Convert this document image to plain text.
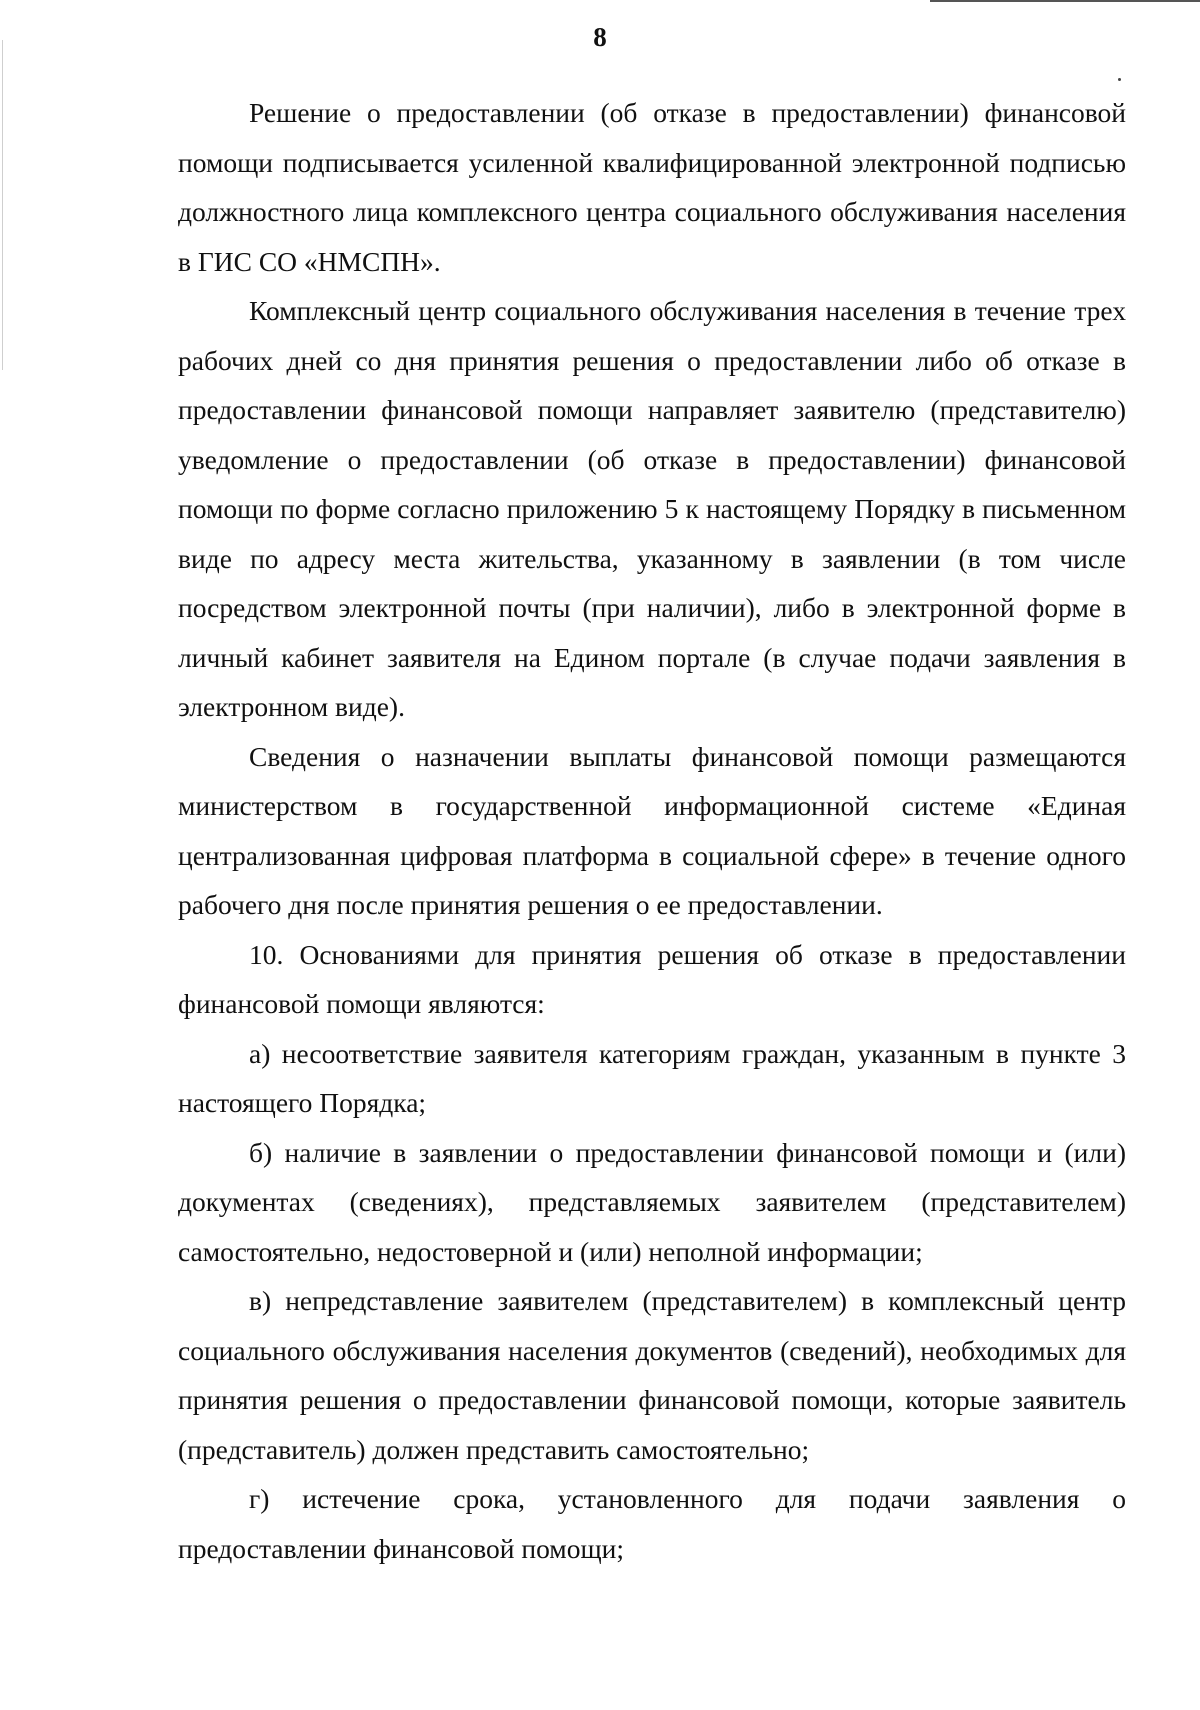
8

Решение о предоставлении (об отказе в предоставлении) финансовой помощи подписывается усиленной квалифицированной электронной подписью должностного лица комплексного центра социального обслуживания населения в ГИС СО «НМСПН».

Комплексный центр социального обслуживания населения в течение трех рабочих дней со дня принятия решения о предоставлении либо об отказе в предоставлении финансовой помощи направляет заявителю (представителю) уведомление о предоставлении (об отказе в предоставлении) финансовой помощи по форме согласно приложению 5 к настоящему Порядку в письменном виде по адресу места жительства, указанному в заявлении (в том числе посредством электронной почты (при наличии), либо в электронной форме в личный кабинет заявителя на Едином портале (в случае подачи заявления в электронном виде).

Сведения о назначении выплаты финансовой помощи размещаются министерством в государственной информационной системе «Единая централизованная цифровая платформа в социальной сфере» в течение одного рабочего дня после принятия решения о ее предоставлении.

10. Основаниями для принятия решения об отказе в предоставлении финансовой помощи являются:

а) несоответствие заявителя категориям граждан, указанным в пункте 3 настоящего Порядка;

б) наличие в заявлении о предоставлении финансовой помощи и (или) документах (сведениях), представляемых заявителем (представителем) самостоятельно, недостоверной и (или) неполной информации;

в) непредставление заявителем (представителем) в комплексный центр социального обслуживания населения документов (сведений), необходимых для принятия решения о предоставлении финансовой помощи, которые заявитель (представитель) должен представить самостоятельно;

г) истечение срока, установленного для подачи заявления о предоставлении финансовой помощи;
